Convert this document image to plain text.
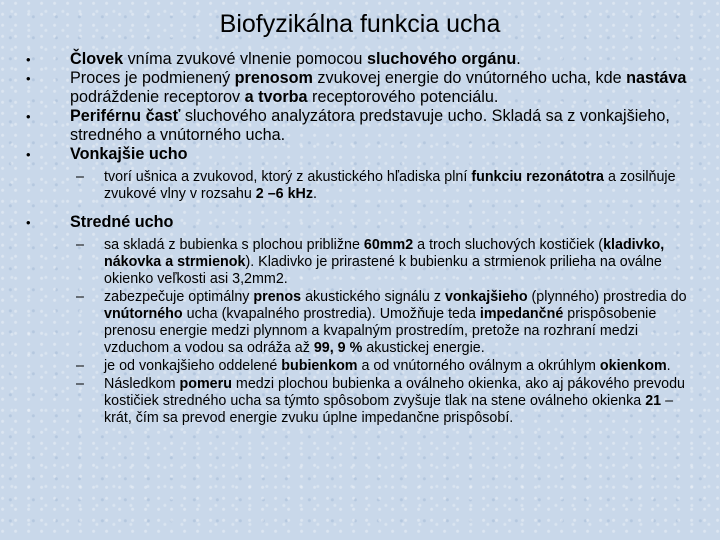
Biofyzikálna funkcia ucha
• Človek vníma zvukové vlnenie pomocou sluchového orgánu.
• Proces je podmienený prenosom zvukovej energie do vnútorného ucha, kde nastáva podráždenie receptorov a tvorba receptorového potenciálu.
• Periférnu časť sluchového analyzátora predstavuje ucho. Skladá sa z vonkajšieho, stredného a vnútorného ucha.
• Vonkajšie ucho
– tvorí ušnica a zvukovod, ktorý z akustického hľadiska plní funkciu rezonátotra a zosilňuje zvukové vlny v rozsahu 2 –6 kHz.
• Stredné ucho
– sa skladá z bubienka s plochou približne 60mm2 a troch sluchových kostičiek (kladivko, nákovka a strmienok). Kladivko je prirastené k bubienku a strmienok prilieha na oválne okienko veľkosti asi 3,2mm2.
– zabezpečuje optimálny prenos akustického signálu z vonkajšieho (plynného) prostredia do vnútorného ucha (kvapalného prostredia). Umožňuje teda impedančné prispôsobenie prenosu energie medzi plynnom a kvapalným prostredím, pretože na rozhraní medzi vzduchom a vodou sa odráža až 99, 9 % akustickej energie.
– je od vonkajšieho oddelené bubienkom a od vnútorného oválnym a okrúhlym okienkom.
– Následkom pomeru medzi plochou bubienka a oválneho okienka, ako aj pákového prevodu kostičiek stredného ucha sa týmto spôsobom zvyšuje tlak na stene oválneho okienka 21 – krát, čím sa prevod energie zvuku úplne impedančne prispôsobí.
